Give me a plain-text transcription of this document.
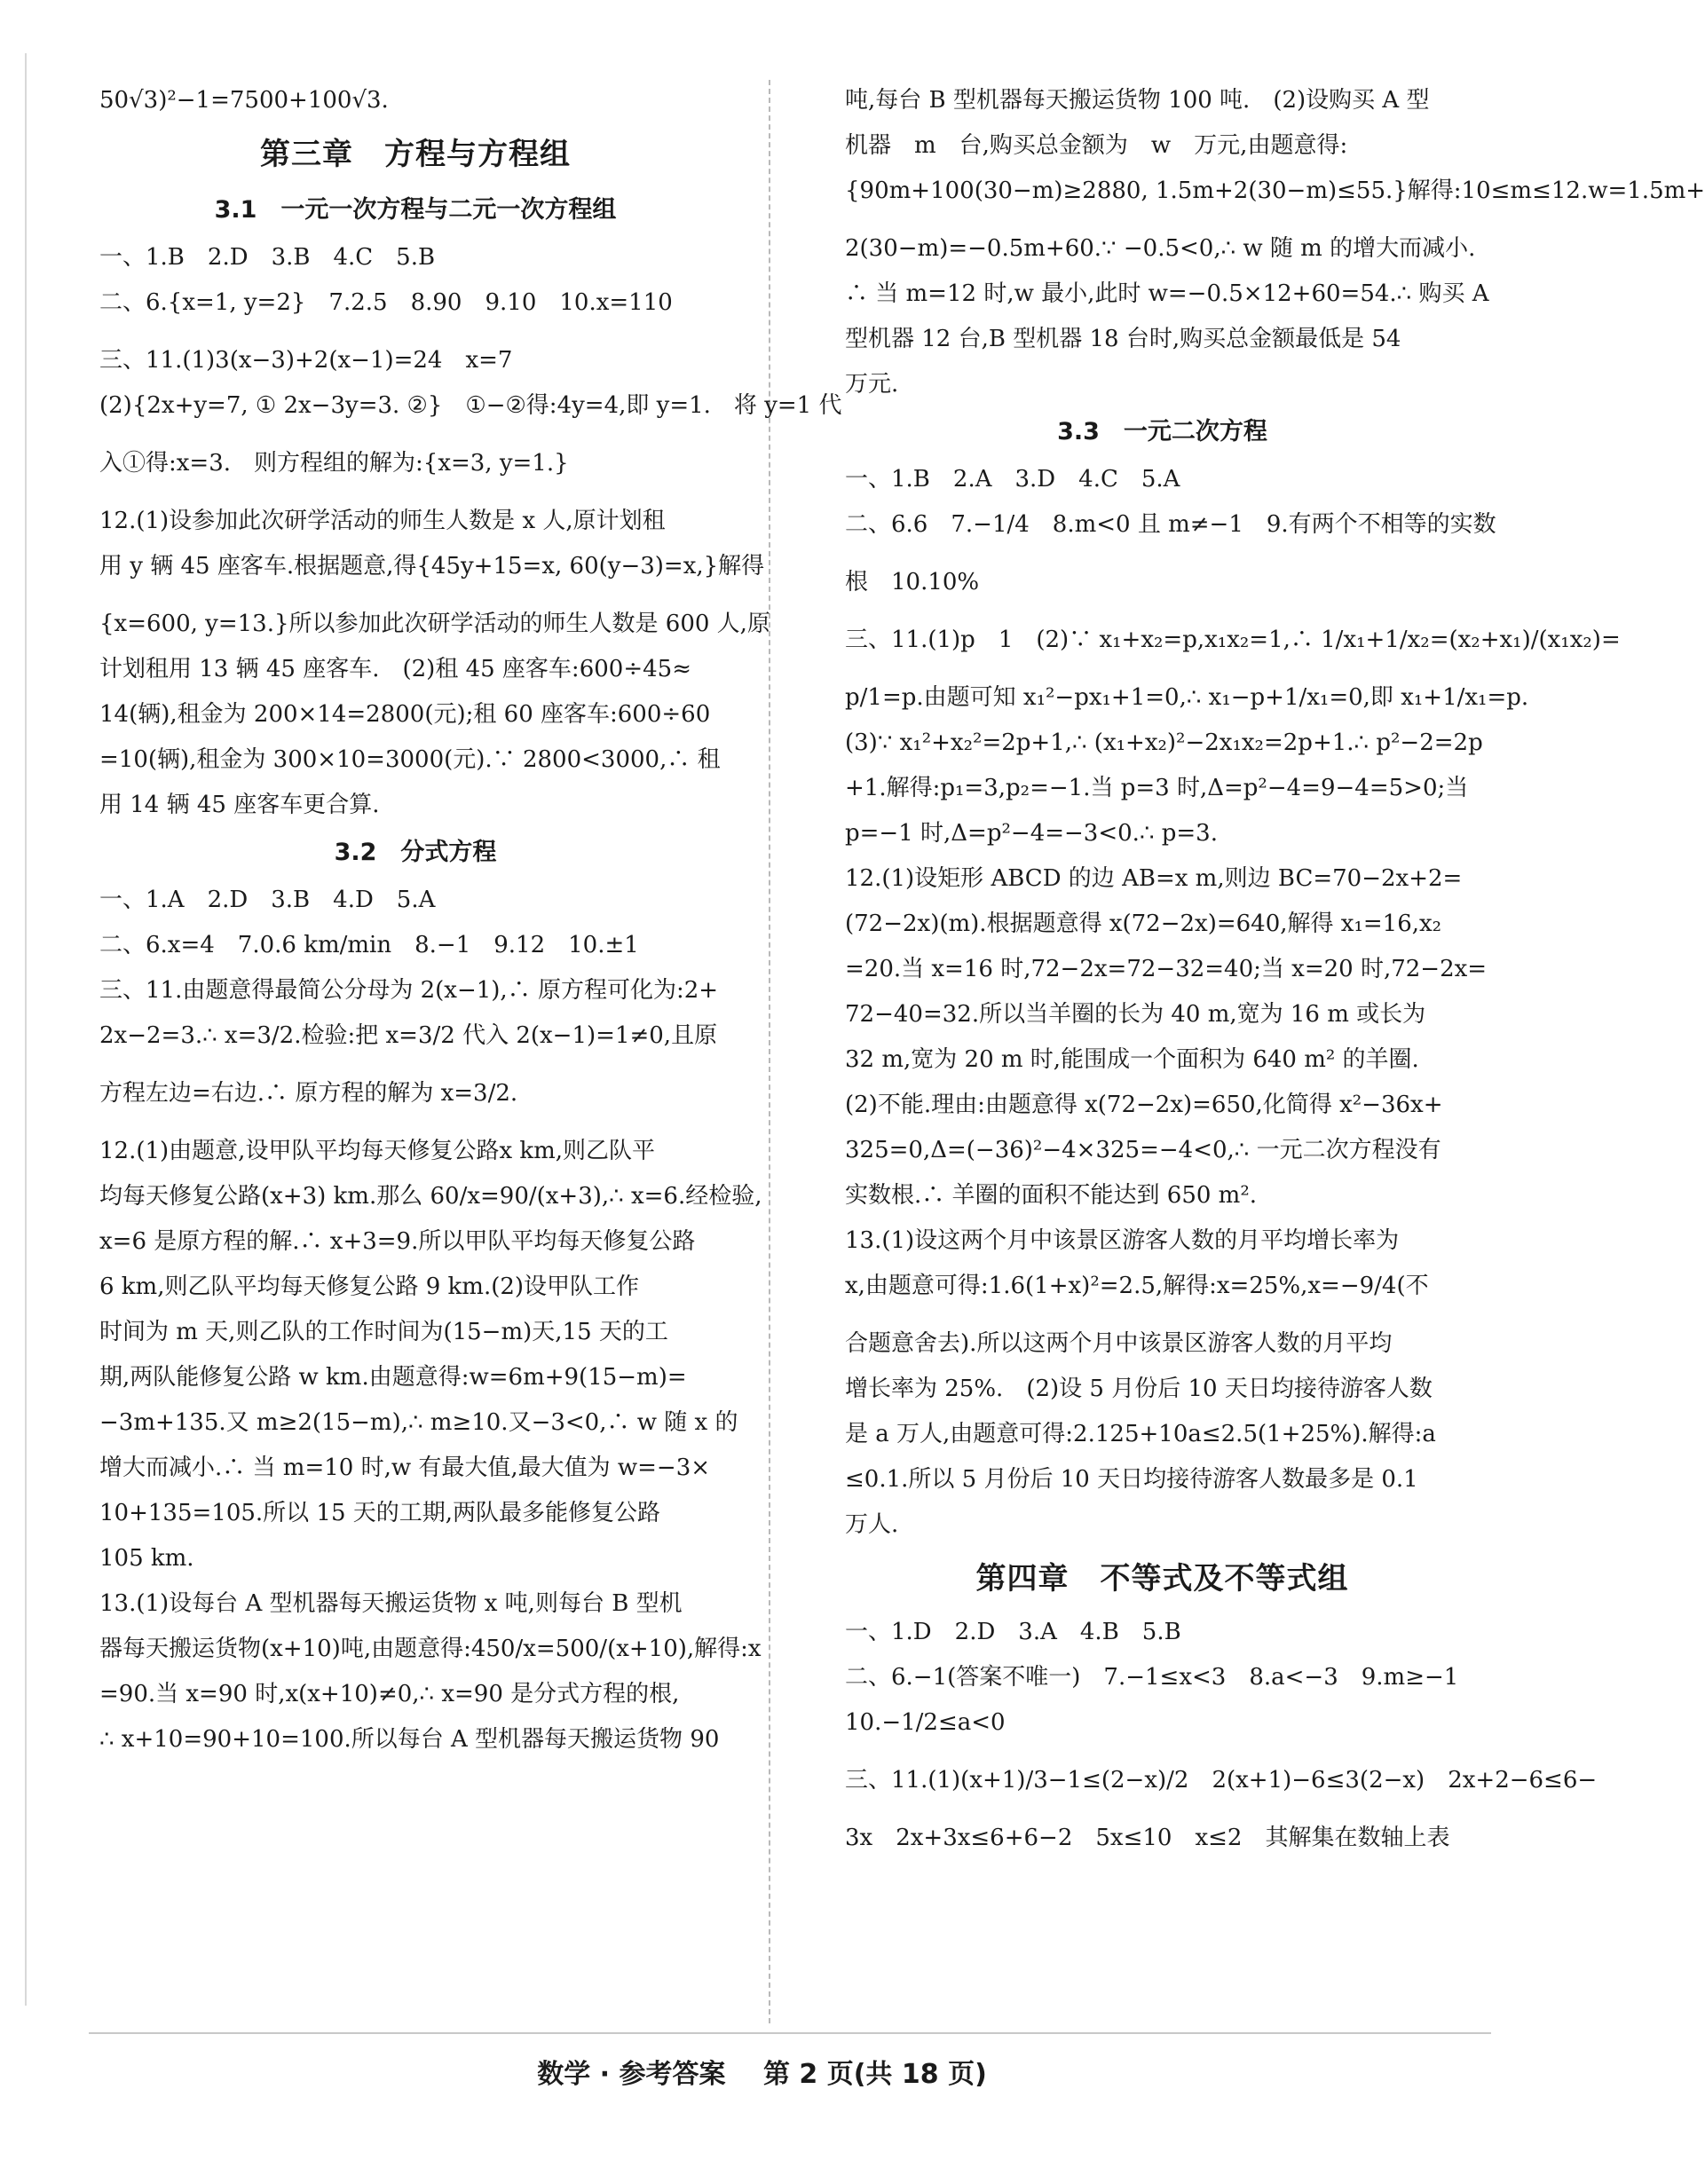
50√3)²−1=7500+100√3.
第三章　方程与方程组
3.1　一元一次方程与二元一次方程组
一、1.B　2.D　3.B　4.C　5.B
二、6.{x=1, y=2}　7.2.5　8.90　9.10　10.x=110
三、11.(1)3(x−3)+2(x−1)=24　x=7
(2){2x+y=7, ① 2x−3y=3. ②}　①−②得:4y=4,即 y=1.　将 y=1 代
入①得:x=3.　则方程组的解为:{x=3, y=1.}
12.(1)设参加此次研学活动的师生人数是 x 人,原计划租
用 y 辆 45 座客车.根据题意,得{45y+15=x, 60(y−3)=x,}解得
{x=600, y=13.}所以参加此次研学活动的师生人数是 600 人,原
计划租用 13 辆 45 座客车.　(2)租 45 座客车:600÷45≈
14(辆),租金为 200×14=2800(元);租 60 座客车:600÷60
=10(辆),租金为 300×10=3000(元).∵ 2800<3000,∴ 租
用 14 辆 45 座客车更合算.
3.2　分式方程
一、1.A　2.D　3.B　4.D　5.A
二、6.x=4　7.0.6 km/min　8.−1　9.12　10.±1
三、11.由题意得最简公分母为 2(x−1),∴ 原方程可化为:2+
2x−2=3.∴ x=3/2.检验:把 x=3/2 代入 2(x−1)=1≠0,且原
方程左边=右边.∴ 原方程的解为 x=3/2.
12.(1)由题意,设甲队平均每天修复公路x km,则乙队平
均每天修复公路(x+3) km.那么 60/x=90/(x+3),∴ x=6.经检验,
x=6 是原方程的解.∴ x+3=9.所以甲队平均每天修复公路
6 km,则乙队平均每天修复公路 9 km.(2)设甲队工作
时间为 m 天,则乙队的工作时间为(15−m)天,15 天的工
期,两队能修复公路 w km.由题意得:w=6m+9(15−m)=
−3m+135.又 m≥2(15−m),∴ m≥10.又−3<0,∴ w 随 x 的
增大而减小.∴ 当 m=10 时,w 有最大值,最大值为 w=−3×
10+135=105.所以 15 天的工期,两队最多能修复公路
105 km.
13.(1)设每台 A 型机器每天搬运货物 x 吨,则每台 B 型机
器每天搬运货物(x+10)吨,由题意得:450/x=500/(x+10),解得:x
=90.当 x=90 时,x(x+10)≠0,∴ x=90 是分式方程的根,
∴ x+10=90+10=100.所以每台 A 型机器每天搬运货物 90
吨,每台 B 型机器每天搬运货物 100 吨.　(2)设购买 A 型
机器　m　台,购买总金额为　w　万元,由题意得:
{90m+100(30−m)≥2880, 1.5m+2(30−m)≤55.}解得:10≤m≤12.w=1.5m+
2(30−m)=−0.5m+60.∵ −0.5<0,∴ w 随 m 的增大而减小.
∴ 当 m=12 时,w 最小,此时 w=−0.5×12+60=54.∴ 购买 A
型机器 12 台,B 型机器 18 台时,购买总金额最低是 54
万元.
3.3　一元二次方程
一、1.B　2.A　3.D　4.C　5.A
二、6.6　7.−1/4　8.m<0 且 m≠−1　9.有两个不相等的实数
根　10.10%
三、11.(1)p　1　(2)∵ x₁+x₂=p,x₁x₂=1,∴ 1/x₁+1/x₂=(x₂+x₁)/(x₁x₂)=
p/1=p.由题可知 x₁²−px₁+1=0,∴ x₁−p+1/x₁=0,即 x₁+1/x₁=p.
(3)∵ x₁²+x₂²=2p+1,∴ (x₁+x₂)²−2x₁x₂=2p+1.∴ p²−2=2p
+1.解得:p₁=3,p₂=−1.当 p=3 时,Δ=p²−4=9−4=5>0;当
p=−1 时,Δ=p²−4=−3<0.∴ p=3.
12.(1)设矩形 ABCD 的边 AB=x m,则边 BC=70−2x+2=
(72−2x)(m).根据题意得 x(72−2x)=640,解得 x₁=16,x₂
=20.当 x=16 时,72−2x=72−32=40;当 x=20 时,72−2x=
72−40=32.所以当羊圈的长为 40 m,宽为 16 m 或长为
32 m,宽为 20 m 时,能围成一个面积为 640 m² 的羊圈.
(2)不能.理由:由题意得 x(72−2x)=650,化简得 x²−36x+
325=0,Δ=(−36)²−4×325=−4<0,∴ 一元二次方程没有
实数根.∴ 羊圈的面积不能达到 650 m².
13.(1)设这两个月中该景区游客人数的月平均增长率为
x,由题意可得:1.6(1+x)²=2.5,解得:x=25%,x=−9/4(不
合题意舍去).所以这两个月中该景区游客人数的月平均
增长率为 25%.　(2)设 5 月份后 10 天日均接待游客人数
是 a 万人,由题意可得:2.125+10a≤2.5(1+25%).解得:a
≤0.1.所以 5 月份后 10 天日均接待游客人数最多是 0.1
万人.
第四章　不等式及不等式组
一、1.D　2.D　3.A　4.B　5.B
二、6.−1(答案不唯一)　7.−1≤x<3　8.a<−3　9.m≥−1
10.−1/2≤a<0
三、11.(1)(x+1)/3−1≤(2−x)/2　2(x+1)−6≤3(2−x)　2x+2−6≤6−
3x　2x+3x≤6+6−2　5x≤10　x≤2　其解集在数轴上表
数学 · 参考答案 第 2 页(共 18 页)
